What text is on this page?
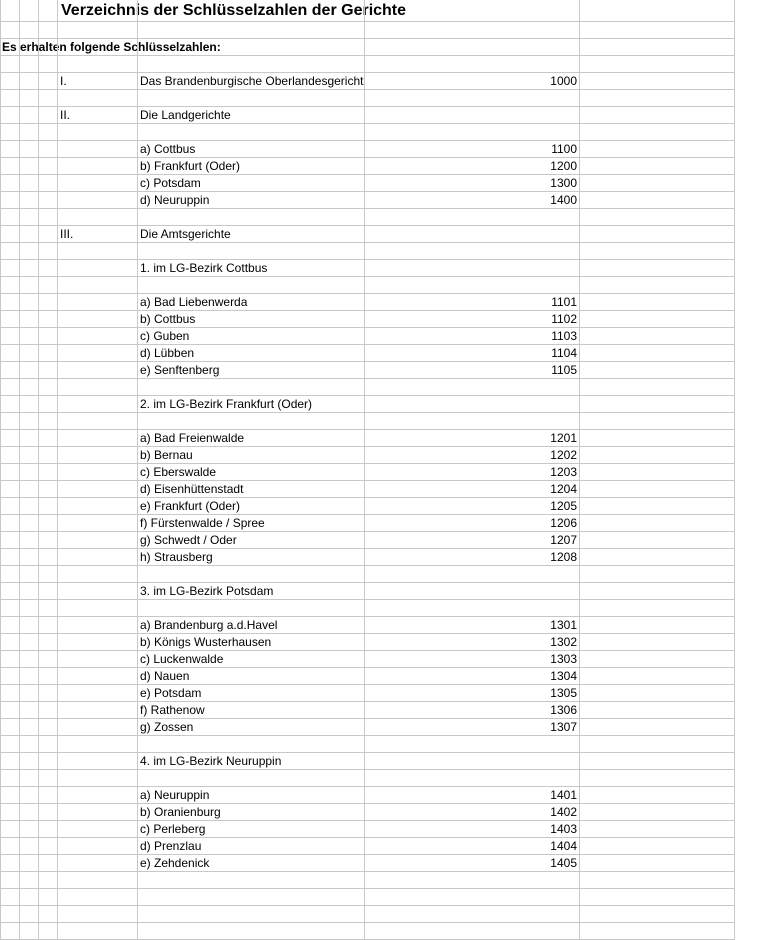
Verzeichnis der Schlüsselzahlen der Gerichte
Es erhalten folgende Schlüsselzahlen:
I.	Das Brandenburgische Oberlandesgericht	1000
II.	Die Landgerichte
a) Cottbus	1100
b) Frankfurt (Oder)	1200
c) Potsdam	1300
d) Neuruppin	1400
III.	Die Amtsgerichte
1. im LG-Bezirk Cottbus
a) Bad Liebenwerda	1101
b) Cottbus	1102
c) Guben	1103
d) Lübben	1104
e) Senftenberg	1105
2. im LG-Bezirk Frankfurt (Oder)
a) Bad Freienwalde	1201
b) Bernau	1202
c) Eberswalde	1203
d) Eisenhüttenstadt	1204
e) Frankfurt (Oder)	1205
f) Fürstenwalde / Spree	1206
g) Schwedt / Oder	1207
h) Strausberg	1208
3. im LG-Bezirk Potsdam
a) Brandenburg a.d.Havel	1301
b) Königs Wusterhausen	1302
c) Luckenwalde	1303
d) Nauen	1304
e) Potsdam	1305
f) Rathenow	1306
g) Zossen	1307
4. im LG-Bezirk Neuruppin
a) Neuruppin	1401
b) Oranienburg	1402
c) Perleberg	1403
d) Prenzlau	1404
e) Zehdenick	1405
